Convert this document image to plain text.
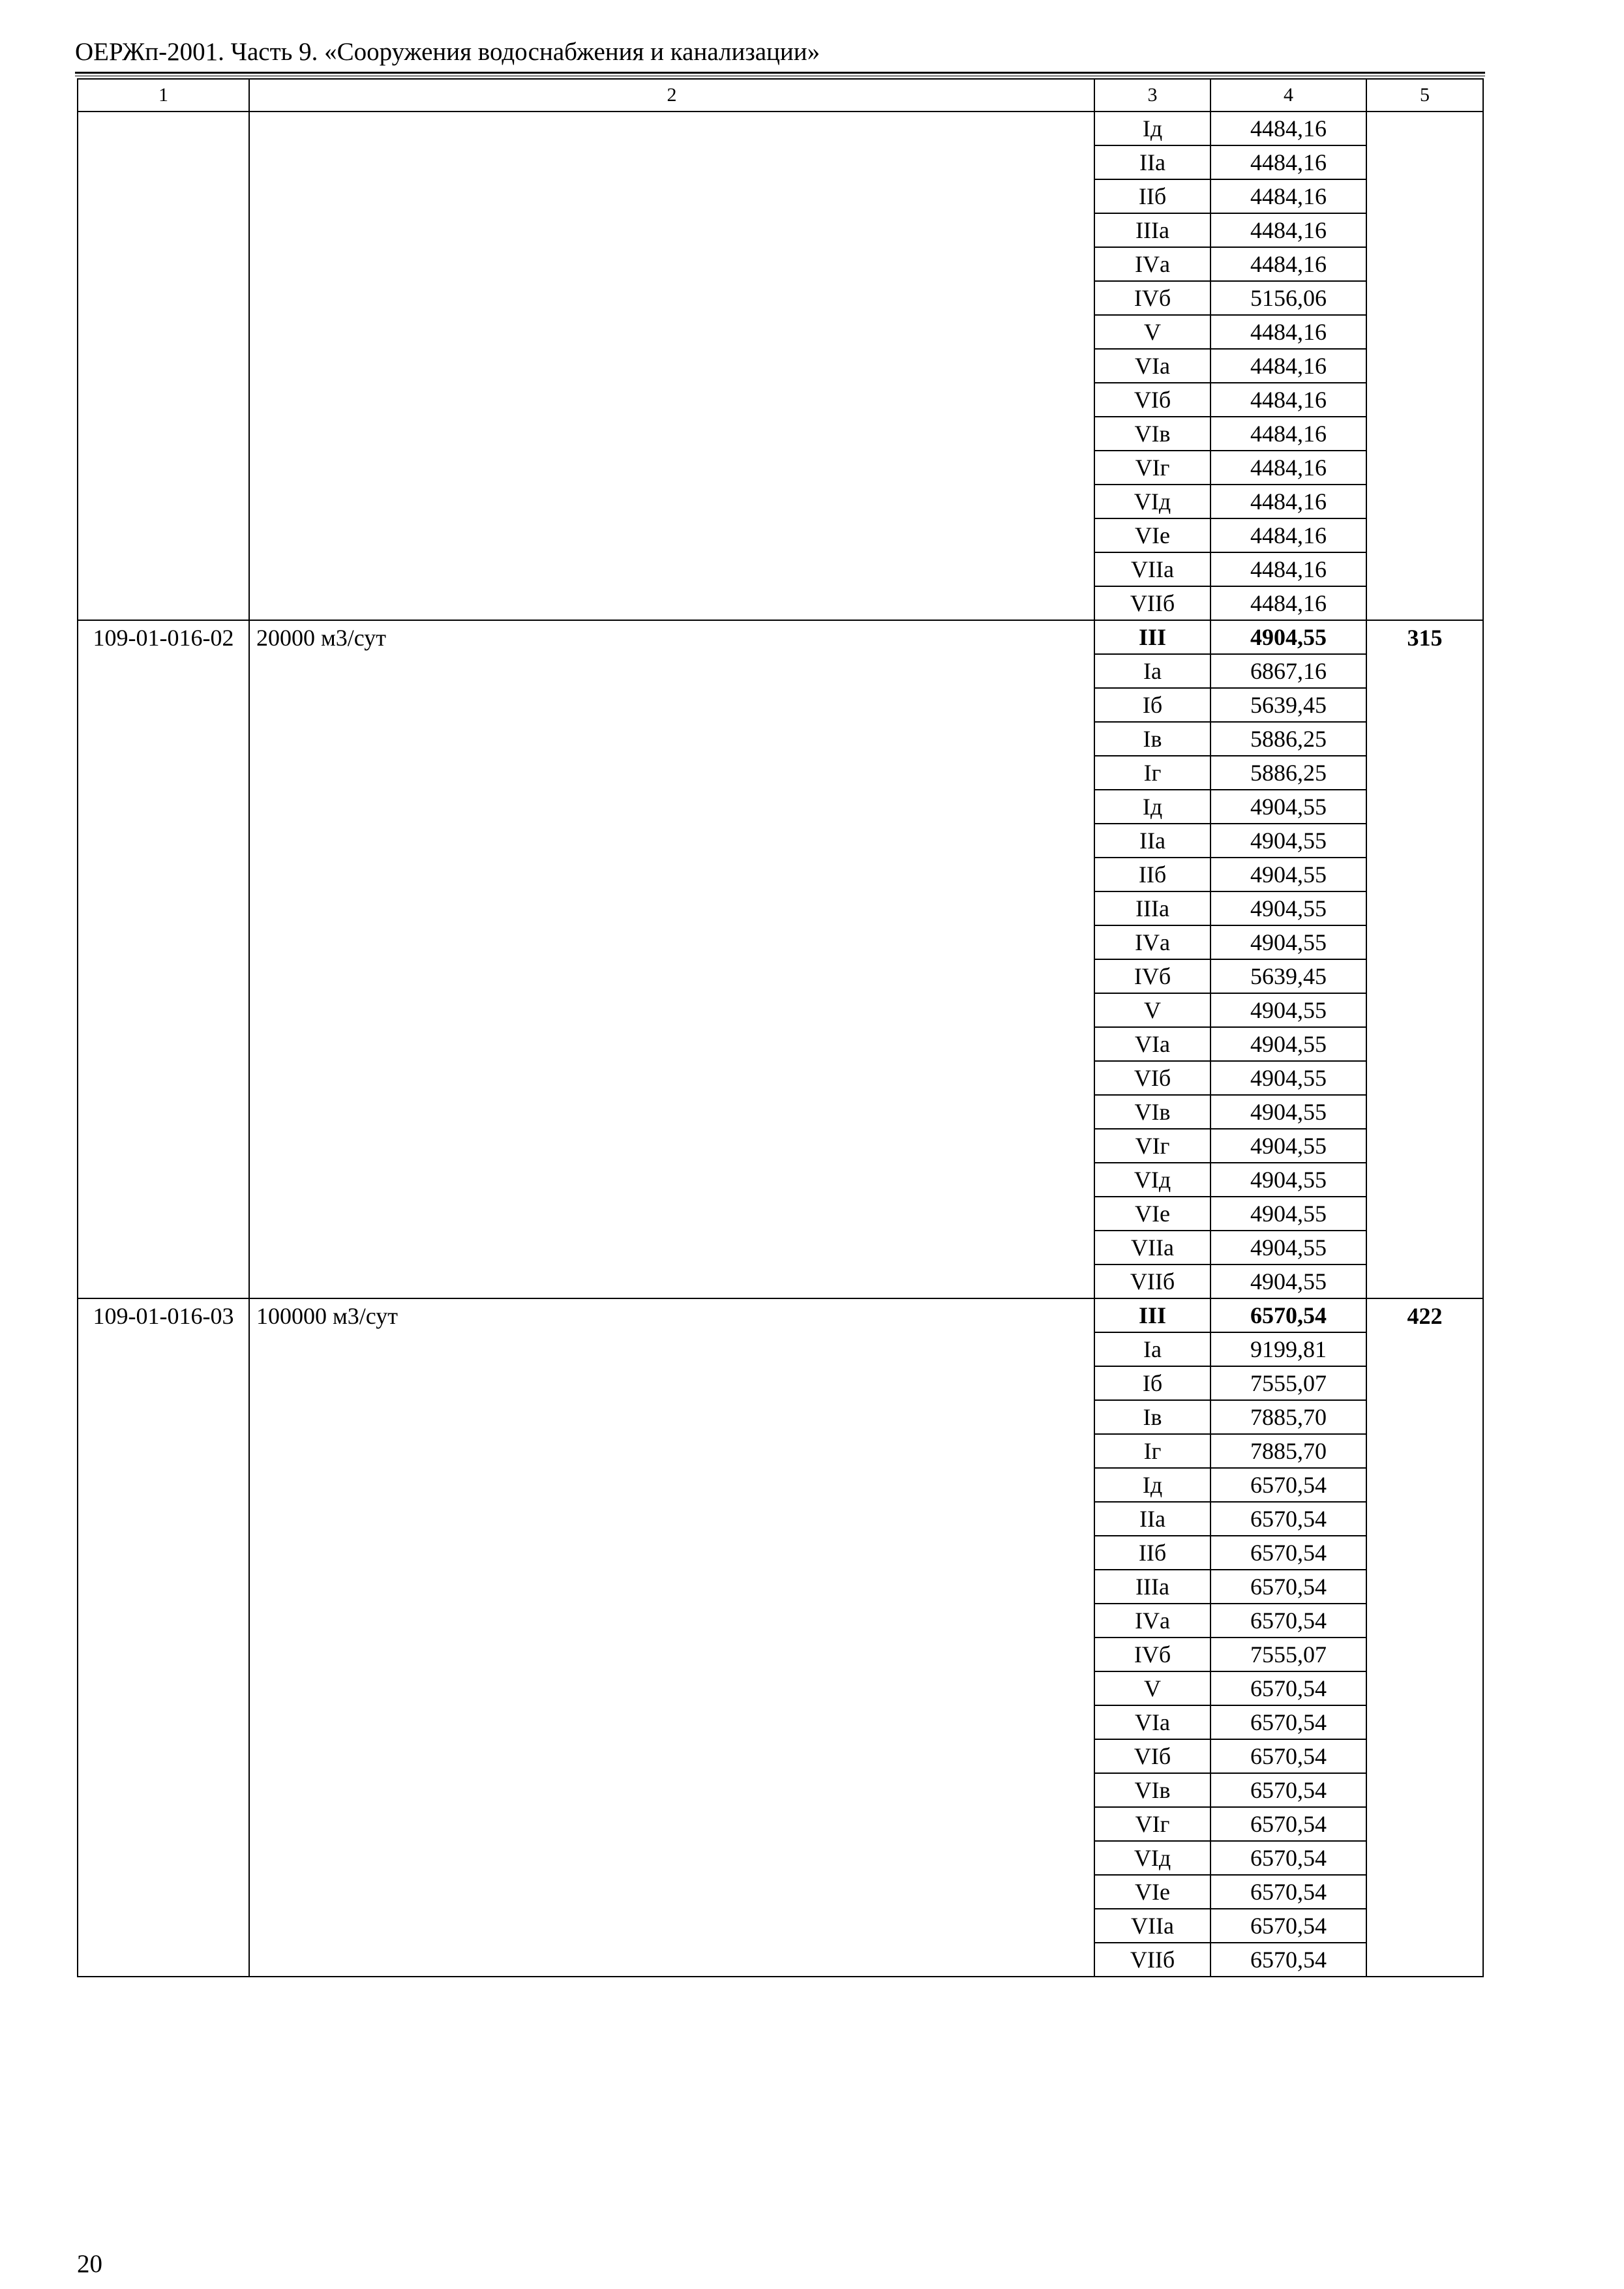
ОЕРЖп-2001. Часть 9. «Сооружения водоснабжения и канализации»
1	2	3	4	5
		Iд	4484,16	
		IIа	4484,16	
		IIб	4484,16	
		IIIа	4484,16	
		IVа	4484,16	
		IVб	5156,06	
		V	4484,16	
		VIа	4484,16	
		VIб	4484,16	
		VIв	4484,16	
		VIг	4484,16	
		VIд	4484,16	
		VIе	4484,16	
		VIIа	4484,16	
		VIIб	4484,16	
109-01-016-02	20000 м3/сут	III	4904,55	315
		Iа	6867,16	
		Iб	5639,45	
		Iв	5886,25	
		Iг	5886,25	
		Iд	4904,55	
		IIа	4904,55	
		IIб	4904,55	
		IIIа	4904,55	
		IVа	4904,55	
		IVб	5639,45	
		V	4904,55	
		VIа	4904,55	
		VIб	4904,55	
		VIв	4904,55	
		VIг	4904,55	
		VIд	4904,55	
		VIе	4904,55	
		VIIа	4904,55	
		VIIб	4904,55	
109-01-016-03	100000 м3/сут	III	6570,54	422
		Iа	9199,81	
		Iб	7555,07	
		Iв	7885,70	
		Iг	7885,70	
		Iд	6570,54	
		IIа	6570,54	
		IIб	6570,54	
		IIIа	6570,54	
		IVа	6570,54	
		IVб	7555,07	
		V	6570,54	
		VIа	6570,54	
		VIб	6570,54	
		VIв	6570,54	
		VIг	6570,54	
		VIд	6570,54	
		VIе	6570,54	
		VIIа	6570,54	
		VIIб	6570,54	
20
